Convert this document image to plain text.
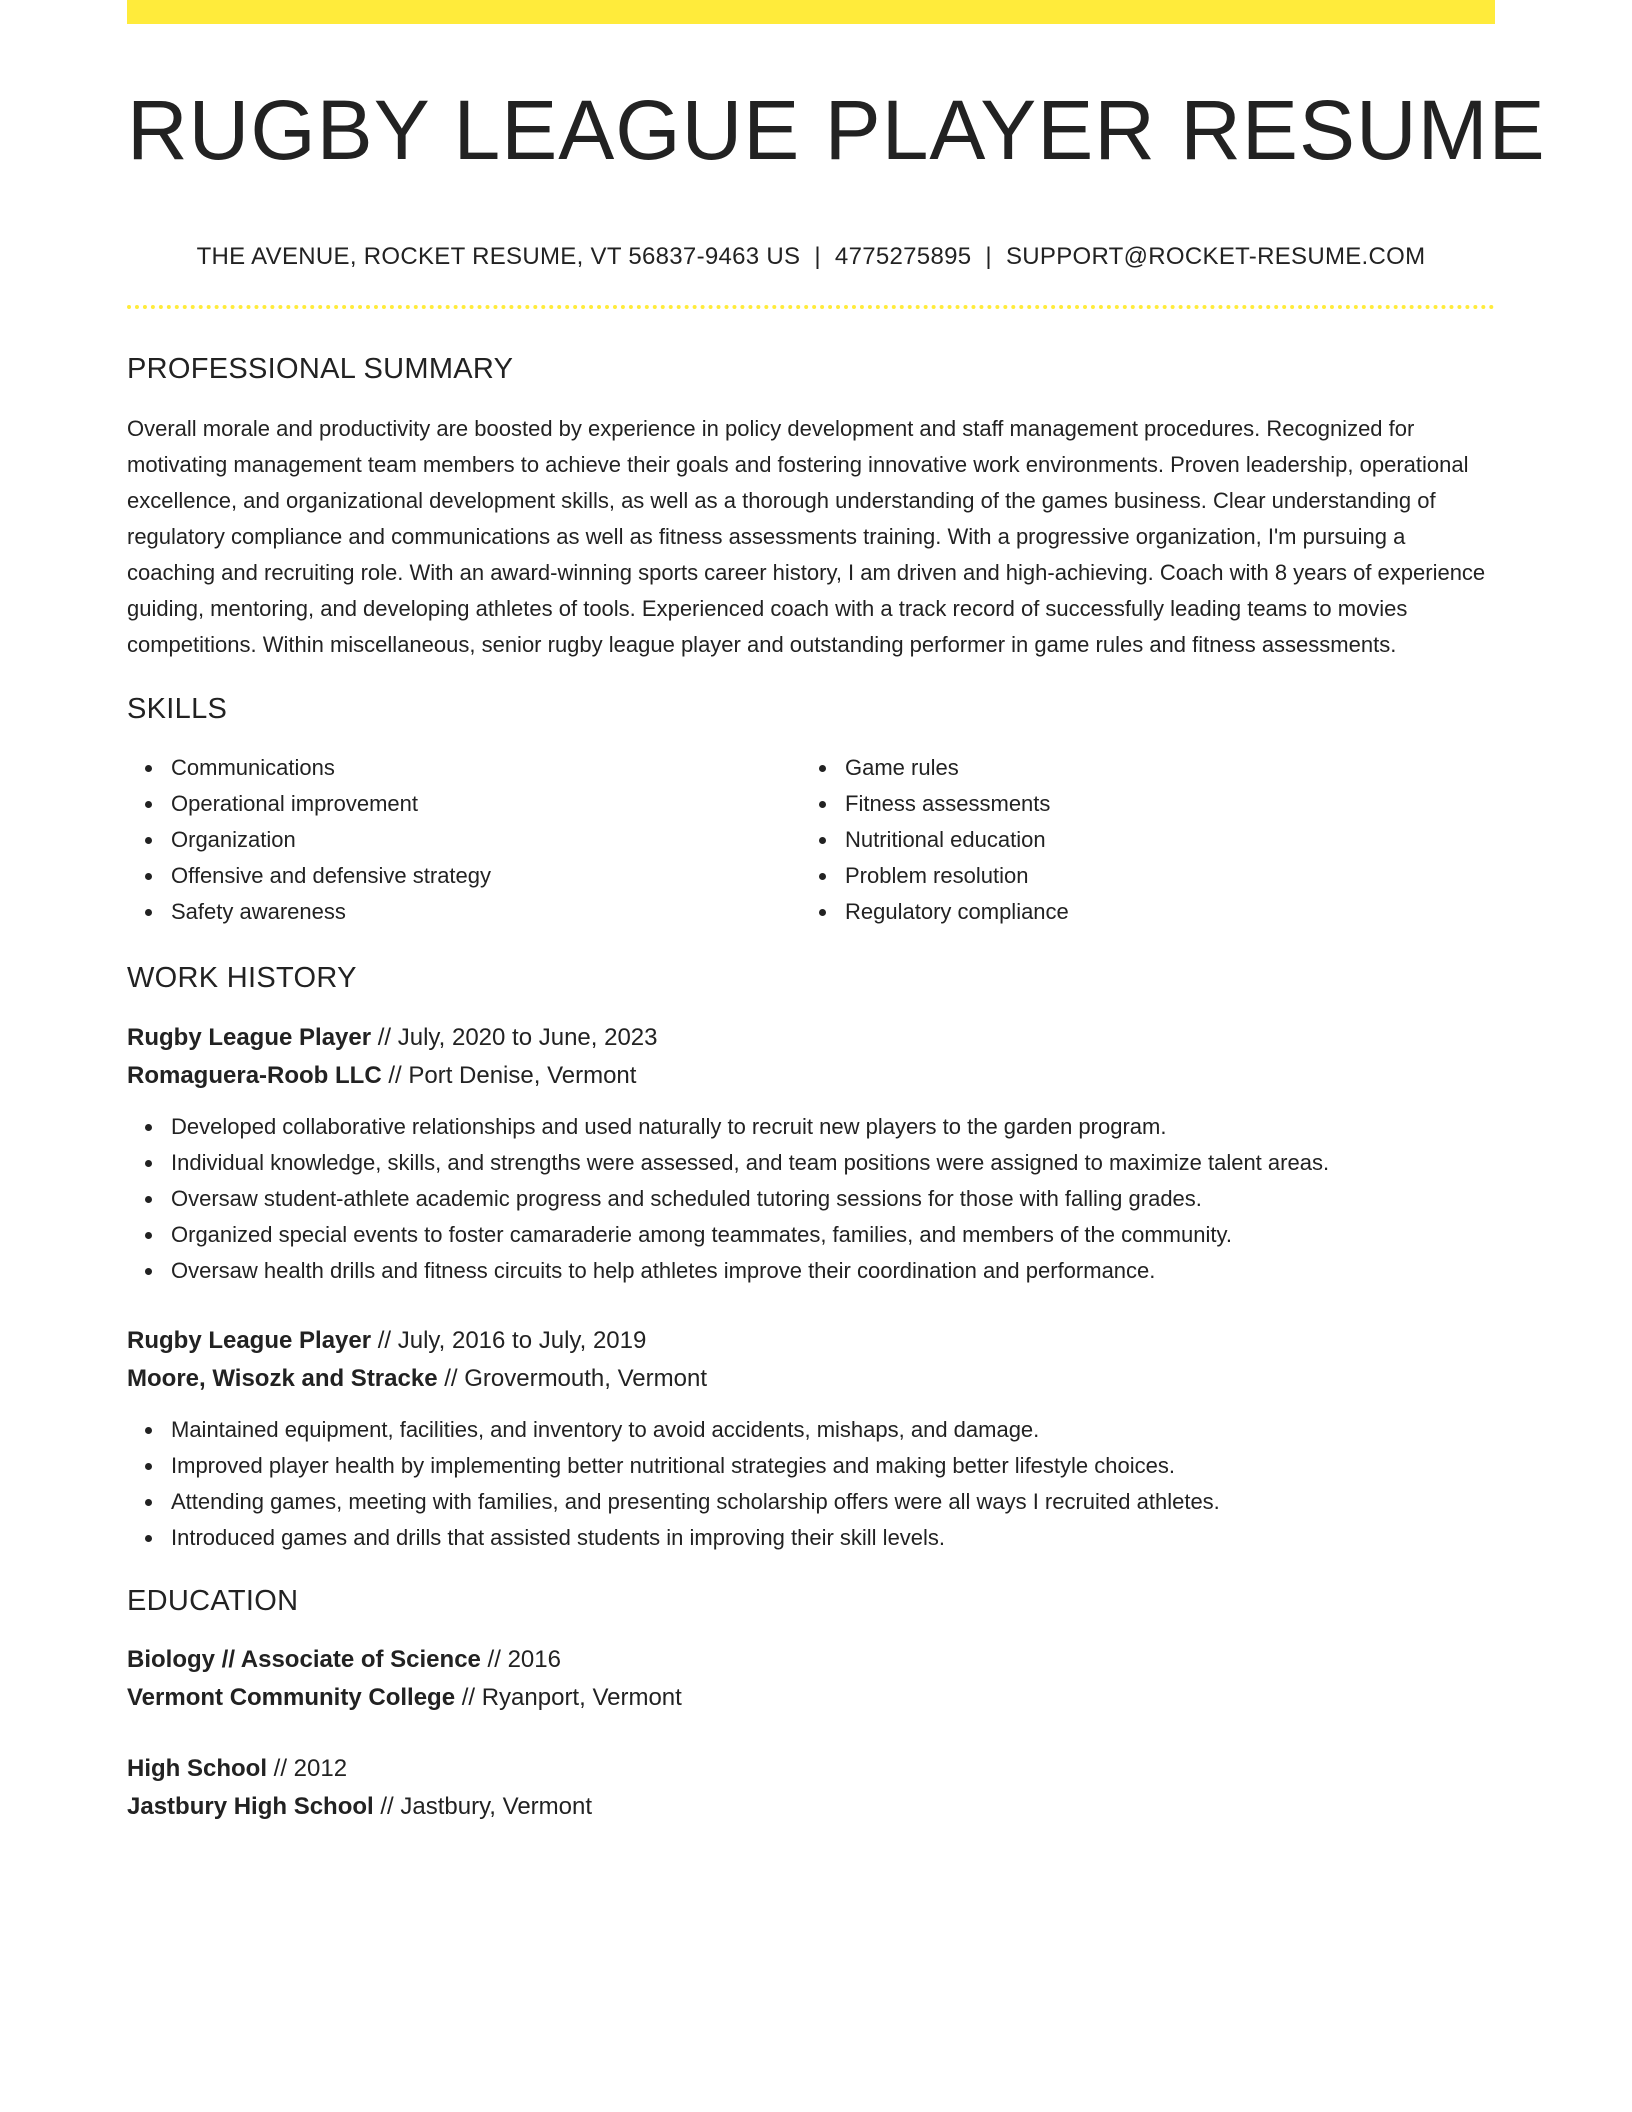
RUGBY LEAGUE PLAYER RESUME
THE AVENUE, ROCKET RESUME, VT 56837-9463 US | 4775275895 | SUPPORT@ROCKET-RESUME.COM
PROFESSIONAL SUMMARY

Overall morale and productivity are boosted by experience in policy development and staff management procedures. Recognized for motivating management team members to achieve their goals and fostering innovative work environments. Proven leadership, operational excellence, and organizational development skills, as well as a thorough understanding of the games business. Clear understanding of regulatory compliance and communications as well as fitness assessments training. With a progressive organization, I'm pursuing a coaching and recruiting role. With an award-winning sports career history, I am driven and high-achieving. Coach with 8 years of experience guiding, mentoring, and developing athletes of tools. Experienced coach with a track record of successfully leading teams to movies competitions. Within miscellaneous, senior rugby league player and outstanding performer in game rules and fitness assessments.

SKILLS
Communications
Operational improvement
Organization
Offensive and defensive strategy
Safety awareness
Game rules
Fitness assessments
Nutritional education
Problem resolution
Regulatory compliance
WORK HISTORY
Rugby League Player // July, 2020 to June, 2023
Romaguera-Roob LLC // Port Denise, Vermont
Developed collaborative relationships and used naturally to recruit new players to the garden program.
Individual knowledge, skills, and strengths were assessed, and team positions were assigned to maximize talent areas.
Oversaw student-athlete academic progress and scheduled tutoring sessions for those with falling grades.
Organized special events to foster camaraderie among teammates, families, and members of the community.
Oversaw health drills and fitness circuits to help athletes improve their coordination and performance.
Rugby League Player // July, 2016 to July, 2019
Moore, Wisozk and Stracke // Grovermouth, Vermont
Maintained equipment, facilities, and inventory to avoid accidents, mishaps, and damage.
Improved player health by implementing better nutritional strategies and making better lifestyle choices.
Attending games, meeting with families, and presenting scholarship offers were all ways I recruited athletes.
Introduced games and drills that assisted students in improving their skill levels.
EDUCATION
Biology // Associate of Science // 2016
Vermont Community College // Ryanport, Vermont
High School // 2012
Jastbury High School // Jastbury, Vermont
